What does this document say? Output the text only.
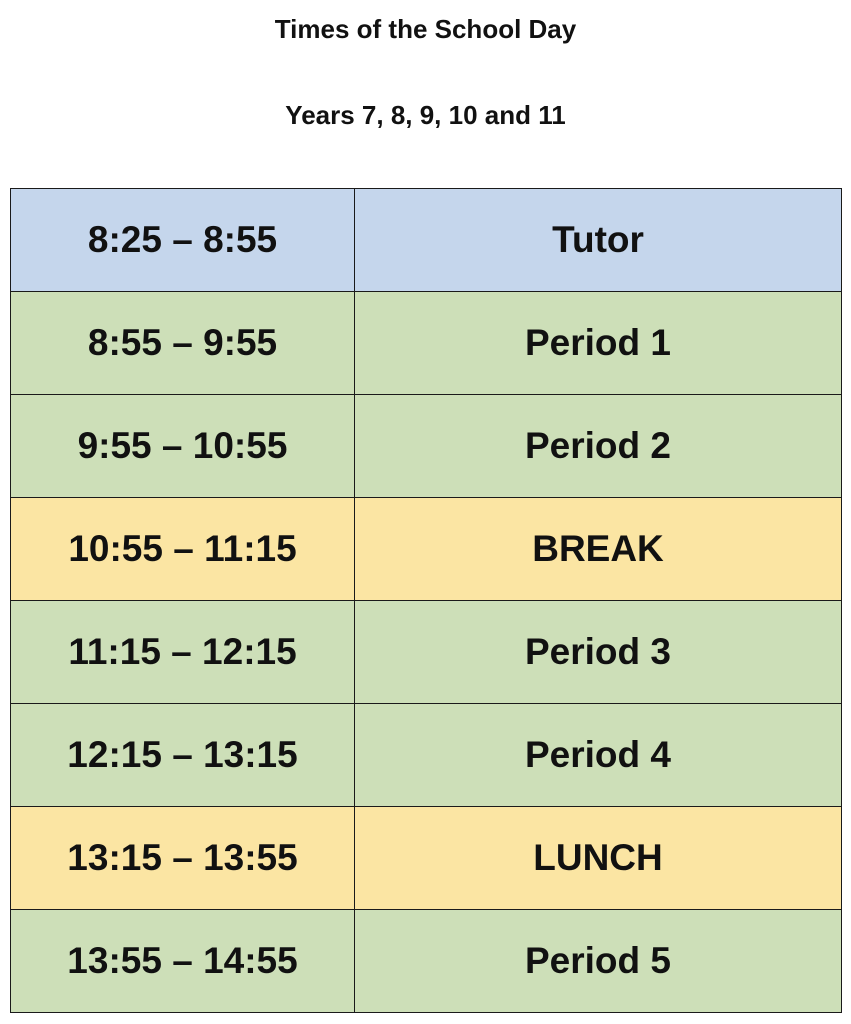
Times of the School Day
Years 7, 8, 9, 10 and 11
8:25 – 8:55	Tutor
8:55 – 9:55	Period 1
9:55 – 10:55	Period 2
10:55 – 11:15	BREAK
11:15 – 12:15	Period 3
12:15 – 13:15	Period 4
13:15 – 13:55	LUNCH
13:55 – 14:55	Period 5
